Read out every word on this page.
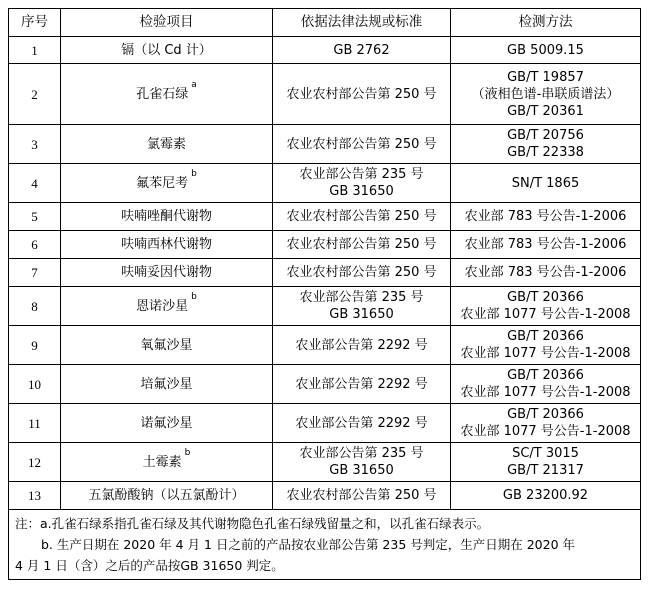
序号	检验项目	依据法律法规或标准	检测方法
1	镉（以 Cd 计）	GB 2762	GB 5009.15

2	孔雀石绿$^a$	农业农村部公告第 250 号	GB/T 19857
（液相色谱-串联质谱法）
GB/T 20361

3	氯霉素	农业农村部公告第 250 号	GB/T 20756
GB/T 22338

4	氟苯尼考$^b$	农业部公告第 235 号
GB 31650	SN/T 1865

5	呋喃唑酮代谢物	农业农村部公告第 250 号	农业部 783 号公告-1-2006

6	呋喃西林代谢物	农业农村部公告第 250 号	农业部 783 号公告-1-2006

7	呋喃妥因代谢物	农业农村部公告第 250 号	农业部 783 号公告-1-2006

8	恩诺沙星$^b$	农业部公告第 235 号
GB 31650	GB/T 20366
农业部 1077 号公告-1-2008

9	氧氟沙星	农业部公告第 2292 号	GB/T 20366
农业部 1077 号公告-1-2008

10	培氟沙星	农业部公告第 2292 号	GB/T 20366
农业部 1077 号公告-1-2008

11	诺氟沙星	农业部公告第 2292 号	GB/T 20366
农业部 1077 号公告-1-2008

12	土霉素$^b$	农业部公告第 235 号
GB 31650	SC/T 3015
GB/T 21317

13	五氯酚酸钠（以五氯酚计）	农业农村部公告第 250 号	GB 23200.92

注：a.孔雀石绿系指孔雀石绿及其代谢物隐色孔雀石绿残留量之和，以孔雀石绿表示。
b. 生产日期在 2020 年 4 月 1 日之前的产品按农业部公告第 235 号判定，生产日期在 2020 年
4 月 1 日（含）之后的产品按GB 31650 判定。			
